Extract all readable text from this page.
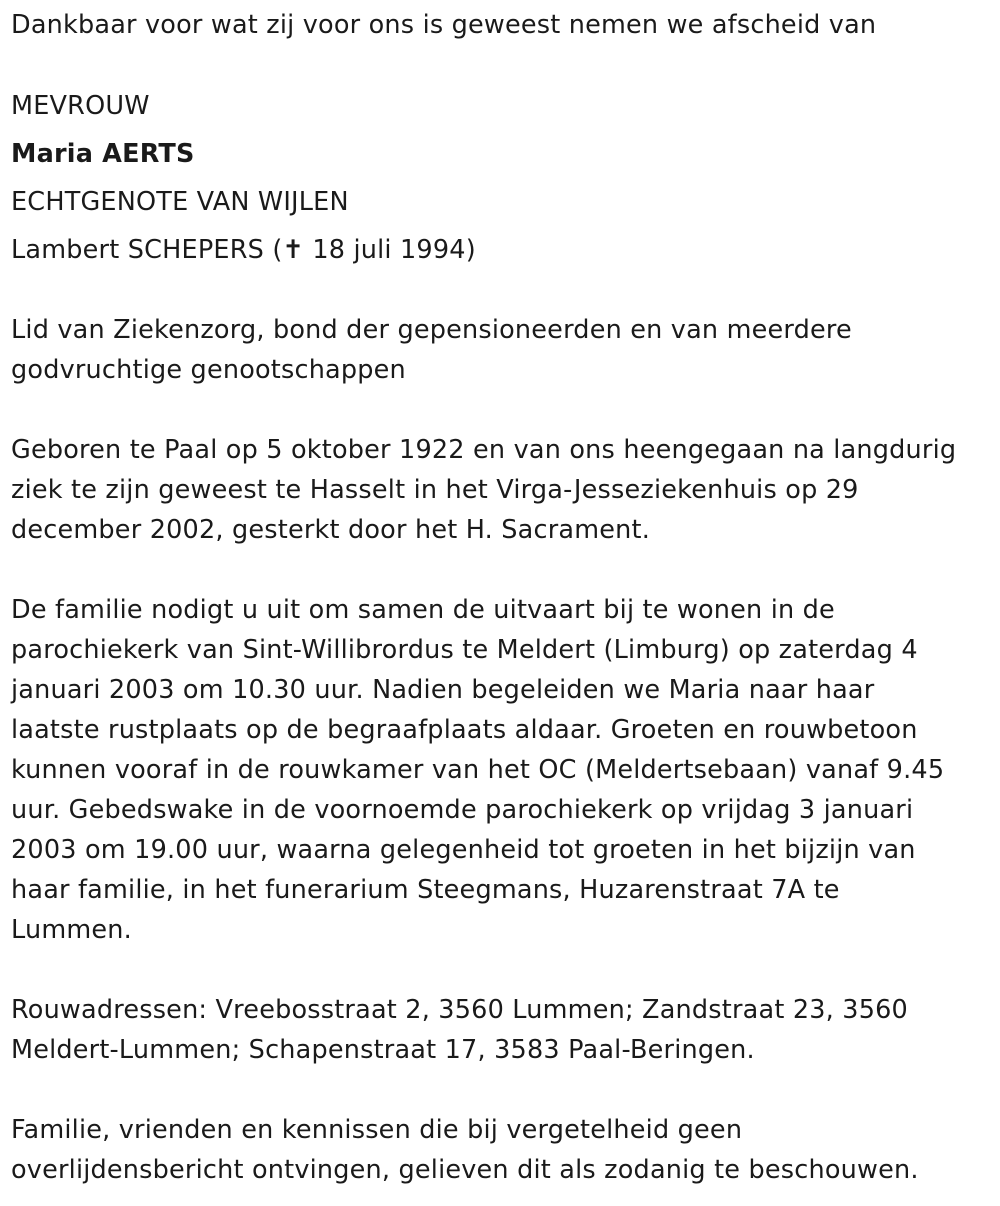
Dankbaar voor wat zij voor ons is geweest nemen we afscheid van
MEVROUW
Maria AERTS
ECHTGENOTE VAN WIJLEN
Lambert SCHEPERS (✝ 18 juli 1994)
Lid van Ziekenzorg, bond der gepensioneerden en van meerdere
godvruchtige genootschappen
Geboren te Paal op 5 oktober 1922 en van ons heengegaan na langdurig
ziek te zijn geweest te Hasselt in het Virga-Jesseziekenhuis op 29
december 2002, gesterkt door het H. Sacrament.
De familie nodigt u uit om samen de uitvaart bij te wonen in de
parochiekerk van Sint-Willibrordus te Meldert (Limburg) op zaterdag 4
januari 2003 om 10.30 uur. Nadien begeleiden we Maria naar haar
laatste rustplaats op de begraafplaats aldaar. Groeten en rouwbetoon
kunnen vooraf in de rouwkamer van het OC (Meldertsebaan) vanaf 9.45
uur. Gebedswake in de voornoemde parochiekerk op vrijdag 3 januari
2003 om 19.00 uur, waarna gelegenheid tot groeten in het bijzijn van
haar familie, in het funerarium Steegmans, Huzarenstraat 7A te
Lummen.
Rouwadressen: Vreebosstraat 2, 3560 Lummen; Zandstraat 23, 3560
Meldert-Lummen; Schapenstraat 17, 3583 Paal-Beringen.
Familie, vrienden en kennissen die bij vergetelheid geen
overlijdensbericht ontvingen, gelieven dit als zodanig te beschouwen.
